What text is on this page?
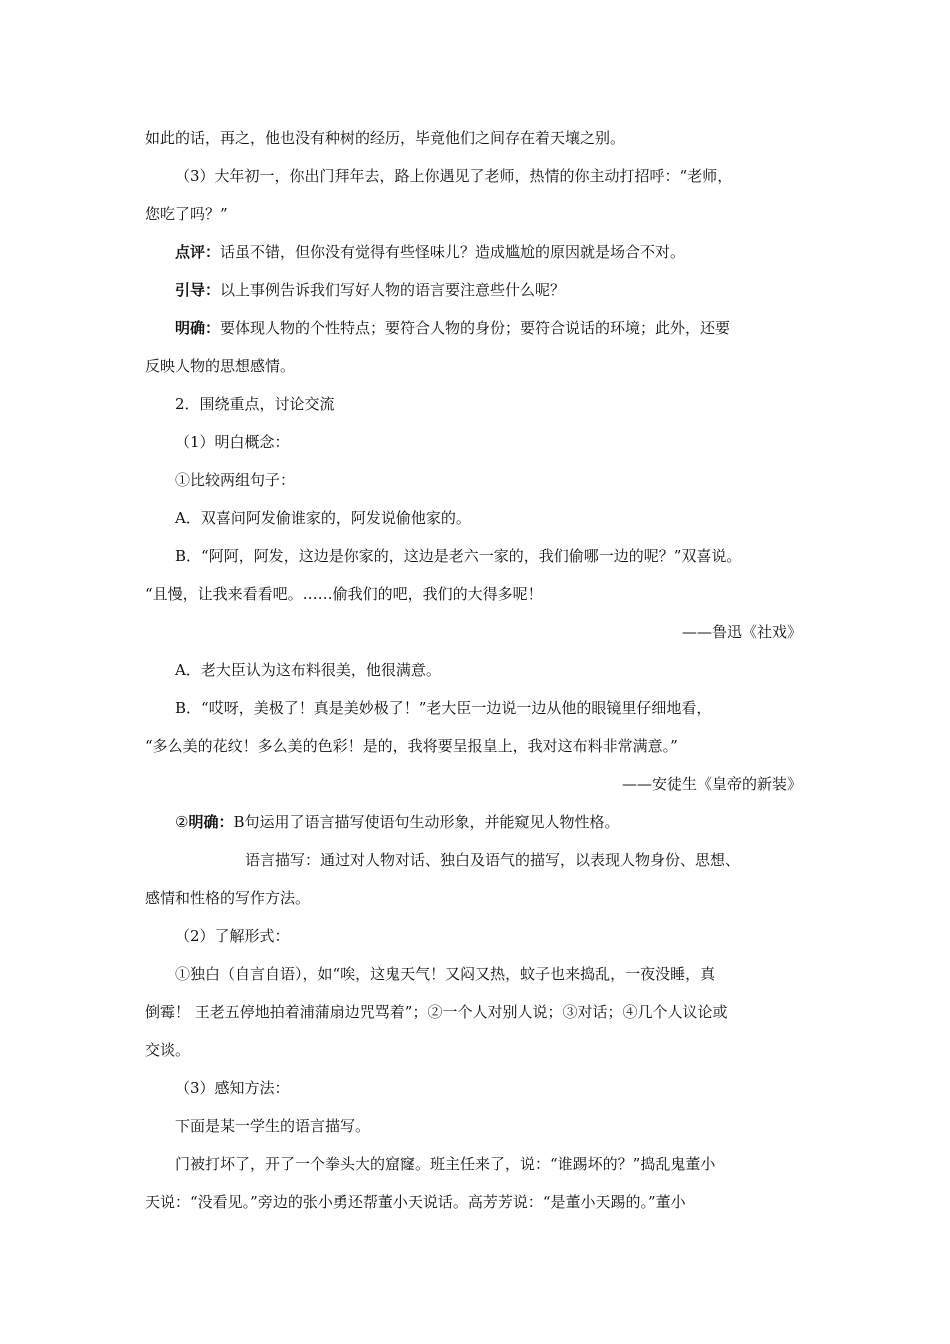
如此的话，再之，他也没有种树的经历，毕竟他们之间存在着天壤之别。
（3）大年初一，你出门拜年去，路上你遇见了老师，热情的你主动打招呼：“老师，
您吃了吗？”
点评：话虽不错，但你没有觉得有些怪味儿？造成尴尬的原因就是场合不对。
引导：以上事例告诉我们写好人物的语言要注意些什么呢？
明确：要体现人物的个性特点；要符合人物的身份；要符合说话的环境；此外，还要
反映人物的思想感情。
2．围绕重点，讨论交流
（1）明白概念：
①比较两组句子：
A．双喜问阿发偷谁家的，阿发说偷他家的。
B．“阿阿，阿发，这边是你家的，这边是老六一家的，我们偷哪一边的呢？”双喜说。
“且慢，让我来看看吧。……偷我们的吧，我们的大得多呢！
——鲁迅《社戏》
A．老大臣认为这布料很美，他很满意。
B．“哎呀，美极了！真是美妙极了！”老大臣一边说一边从他的眼镜里仔细地看，
“多么美的花纹！多么美的色彩！是的，我将要呈报皇上，我对这布料非常满意。”
——安徒生《皇帝的新装》
②明确：B句运用了语言描写使语句生动形象，并能窥见人物性格。
语言描写：通过对人物对话、独白及语气的描写，以表现人物身份、思想、
感情和性格的写作方法。
（2）了解形式：
①独白（自言自语），如“唉，这鬼天气！又闷又热，蚊子也来捣乱，一夜没睡，真
倒霉！ 王老五停地拍着浦蒲扇边咒骂着”；②一个人对别人说；③对话；④几个人议论或
交谈。
（3）感知方法：
下面是某一学生的语言描写。
门被打坏了，开了一个拳头大的窟窿。班主任来了，说：“谁踢坏的？”捣乱鬼董小
天说：“没看见。”旁边的张小勇还帮董小天说话。高芳芳说：“是董小天踢的。”董小
